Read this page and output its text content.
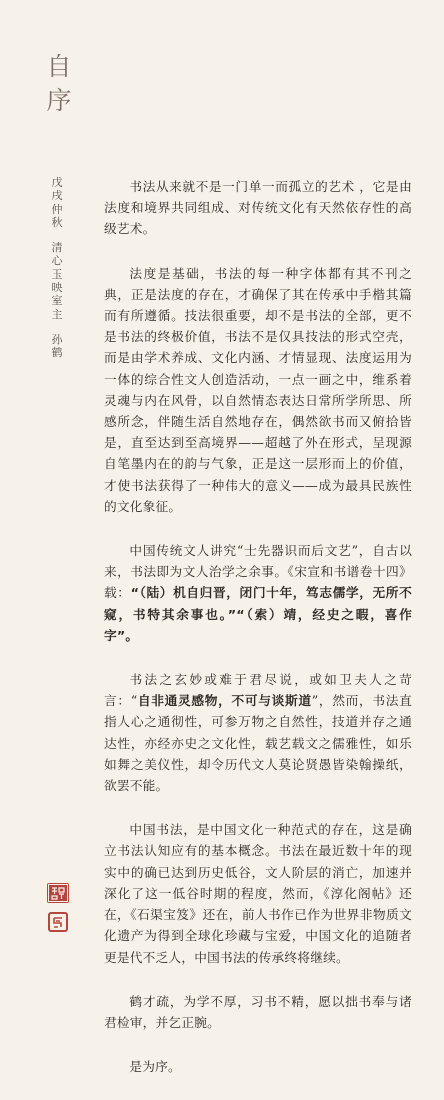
自
序
戊
戌
仲
秋
清
心
玉
映
室
主
孙
鹤

书法从来就不是一门单一而孤立的艺术 ，它是由法度和境界共同组成、对传统文化有天然依存性的高级艺术。

法度是基础，书法的每一种字体都有其不刊之典，正是法度的存在，才确保了其在传承中手楷其篇而有所遵循。技法很重要，却不是书法的全部，更不是书法的终极价值，书法不是仅具技法的形式空壳，而是由学术养成、文化内涵、才情显现、法度运用为一体的综合性文人创造活动，一点一画之中，维系着灵魂与内在风骨，以自然情态表达日常所学所思、所感所念，伴随生活自然地存在，偶然欲书而又俯拾皆是，直至达到至高境界——超越了外在形式，呈现源自笔墨内在的韵与气象，正是这一层形而上的价值，才使书法获得了一种伟大的意义——成为最具民族性的文化象征。

中国传统文人讲究“士先器识而后文艺”，自古以来，书法即为文人治学之余事。《宋宣和书谱卷十四》载：“（陆）机自归晋，闭门十年，笃志儒学，无所不窥，书特其余事也。”“（索）靖，经史之暇，喜作字”。

书法之玄妙或难于君尽说，或如卫夫人之苛言：“自非通灵感物，不可与谈斯道”，然而，书法直指人心之通彻性，可参万物之自然性，技道并存之通达性，亦经亦史之文化性，载艺载文之儒雅性，如乐如舞之美仪性，却令历代文人莫论贤愚皆染翰操纸，欲罢不能。

中国书法，是中国文化一种范式的存在，这是确立书法认知应有的基本概念。书法在最近数十年的现实中的确已达到历史低谷，文人阶层的消亡，加速并深化了这一低谷时期的程度，然而，《淳化阁帖》还在，《石渠宝笈》还在，前人书作已作为世界非物质文化遗产为得到全球化珍藏与宝爱，中国文化的追随者更是代不乏人，中国书法的传承终将继续。

鹤才疏，为学不厚，习书不精，愿以拙书奉与诸君检审，并乞正腕。

是为序。
